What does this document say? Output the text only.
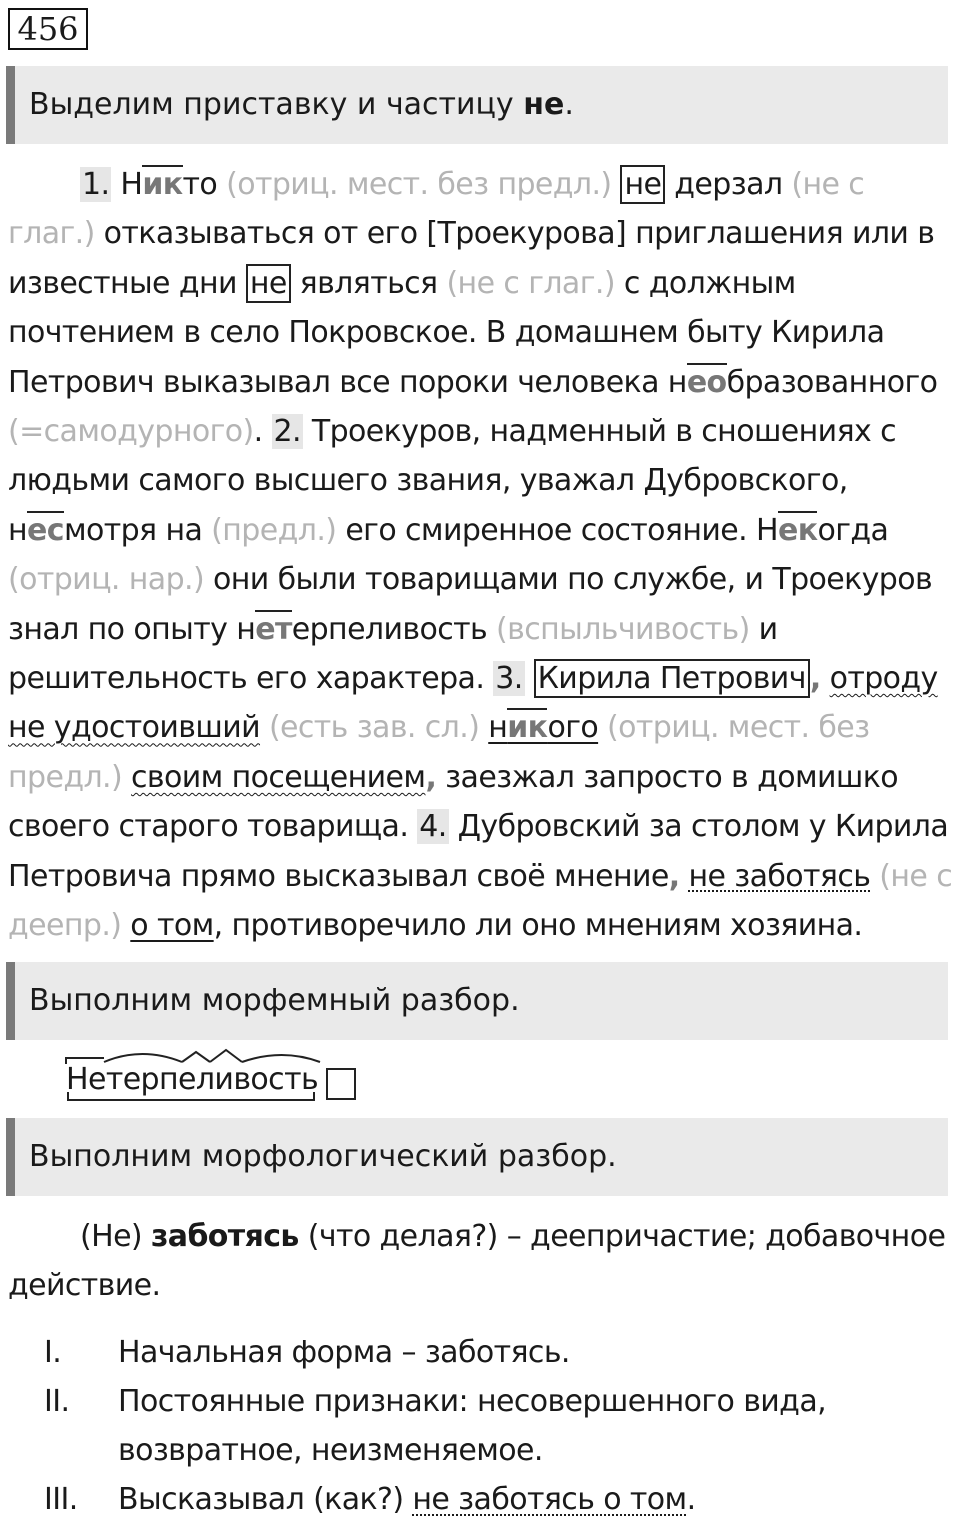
456
Выделим приставку и частицу не.
1. Никто (отриц. мест. без предл.) не дерзал (не с глаг.) отказываться от его [Троекурова] приглашения или в известные дни не являться (не с глаг.) с должным почтением в село Покровское. В домашнем быту Кирила Петрович выказывал все пороки человека необразованного (=самодурного). 2. Троекуров, надменный в сношениях с людьми самого высшего звания, уважал Дубровского, несмотря на (предл.) его смиренное состояние. Некогда (отриц. нар.) они были товарищами по службе, и Троекуров знал по опыту нетерпеливость (вспыльчивость) и решительность его характера. 3. Кирила Петрович , отроду не удостоивший (есть зав. сл.) никого (отриц. мест. без предл.) своим посещением, заезжал запросто в домишко своего старого товарища. 4. Дубровский за столом у Кирила Петровича прямо высказывал своё мнение, не заботясь (не с деепр.) о том, противоречило ли оно мнениям хозяина.
Выполним морфемный разбор.
Нетерпеливость
Выполним морфологический разбор.
(Не) заботясь (что делая?) – деепричастие; добавочное действие.
I. Начальная форма – заботясь.
II. Постоянные признаки: несовершенного вида, возвратное, неизменяемое.
III. Высказывал (как?) не заботясь о том.
